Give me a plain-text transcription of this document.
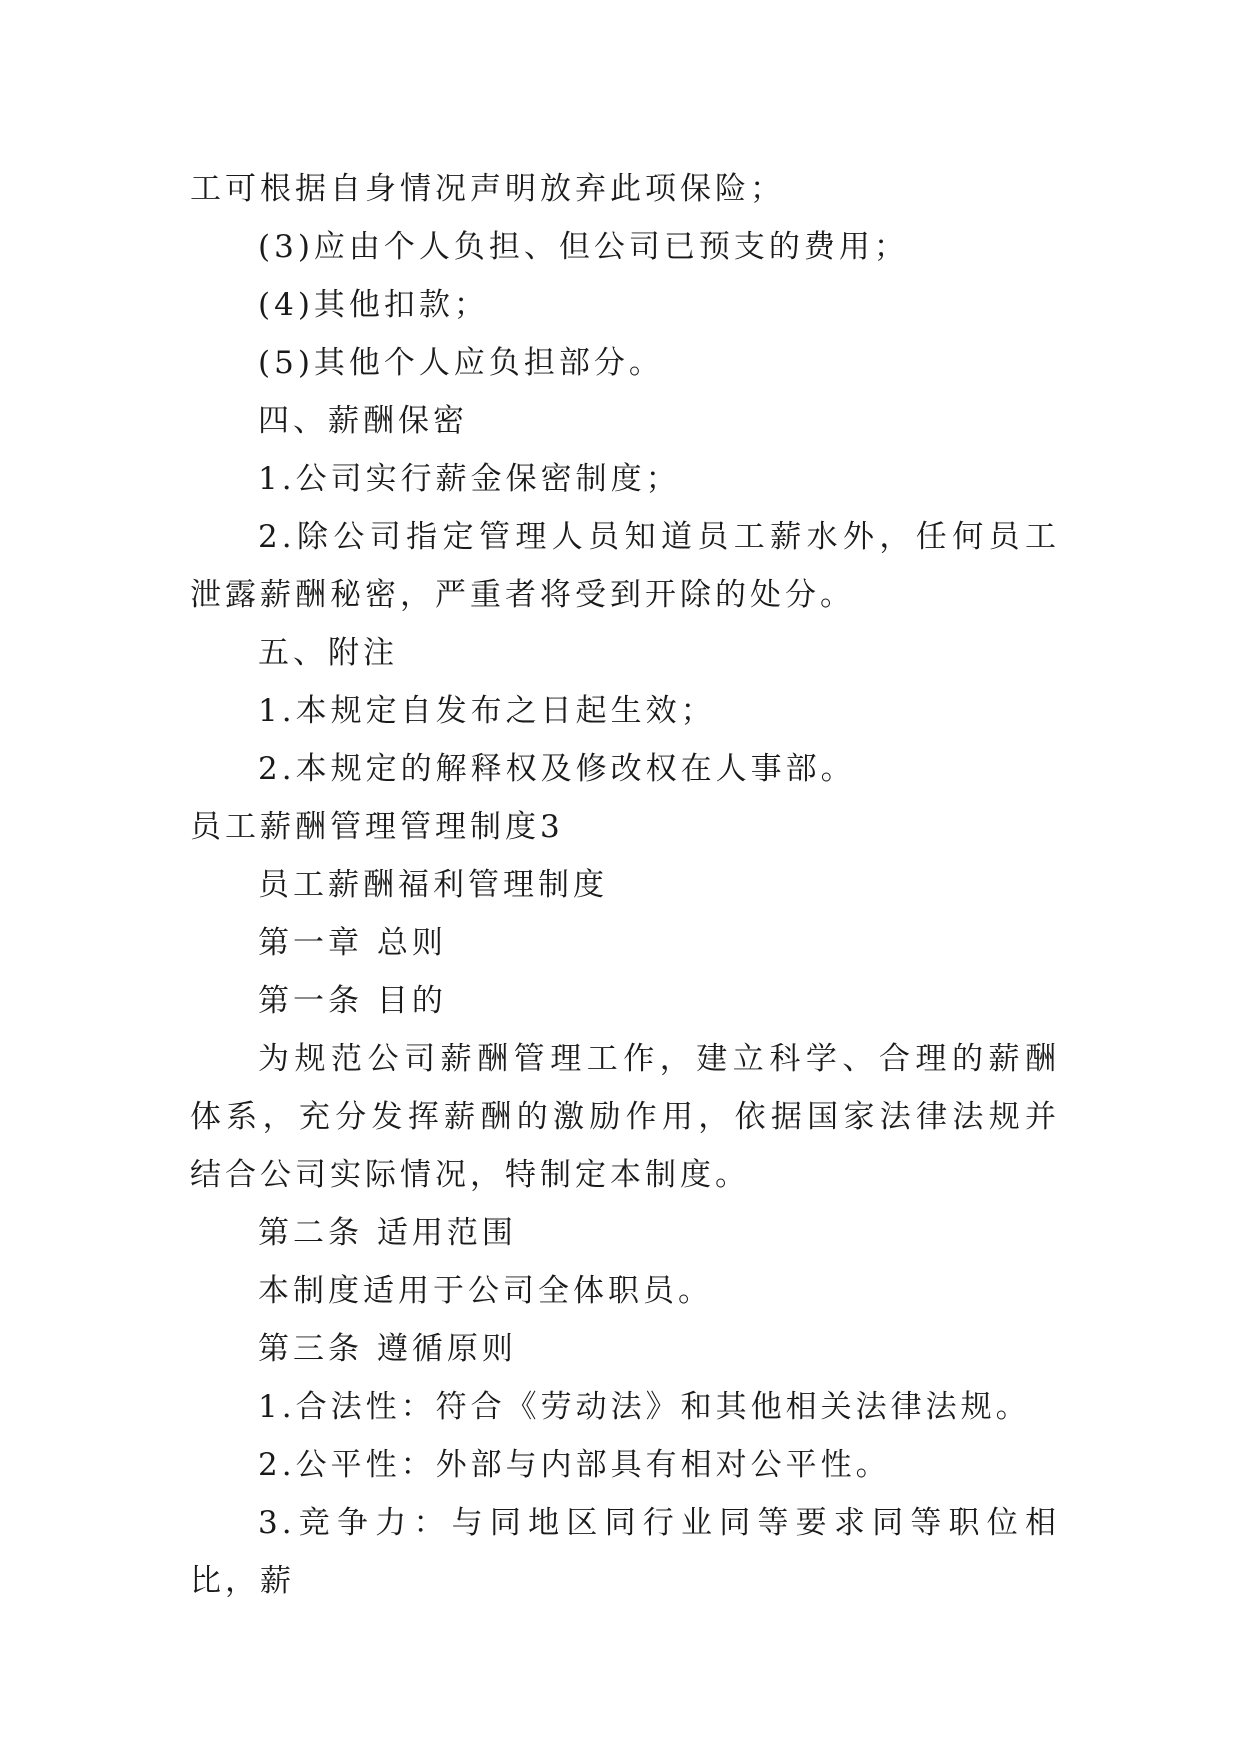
工可根据自身情况声明放弃此项保险；

(3)应由个人负担、但公司已预支的费用；

(4)其他扣款；

(5)其他个人应负担部分。

四、薪酬保密

1.公司实行薪金保密制度；

2.除公司指定管理人员知道员工薪水外，任何员工泄露薪酬秘密，严重者将受到开除的处分。

五、附注

1.本规定自发布之日起生效；

2.本规定的解释权及修改权在人事部。

员工薪酬管理管理制度3

员工薪酬福利管理制度

第一章 总则

第一条 目的

为规范公司薪酬管理工作，建立科学、合理的薪酬体系，充分发挥薪酬的激励作用，依据国家法律法规并结合公司实际情况，特制定本制度。

第二条 适用范围

本制度适用于公司全体职员。

第三条 遵循原则

1.合法性：符合《劳动法》和其他相关法律法规。

2.公平性：外部与内部具有相对公平性。

3.竞争力：与同地区同行业同等要求同等职位相比，薪
